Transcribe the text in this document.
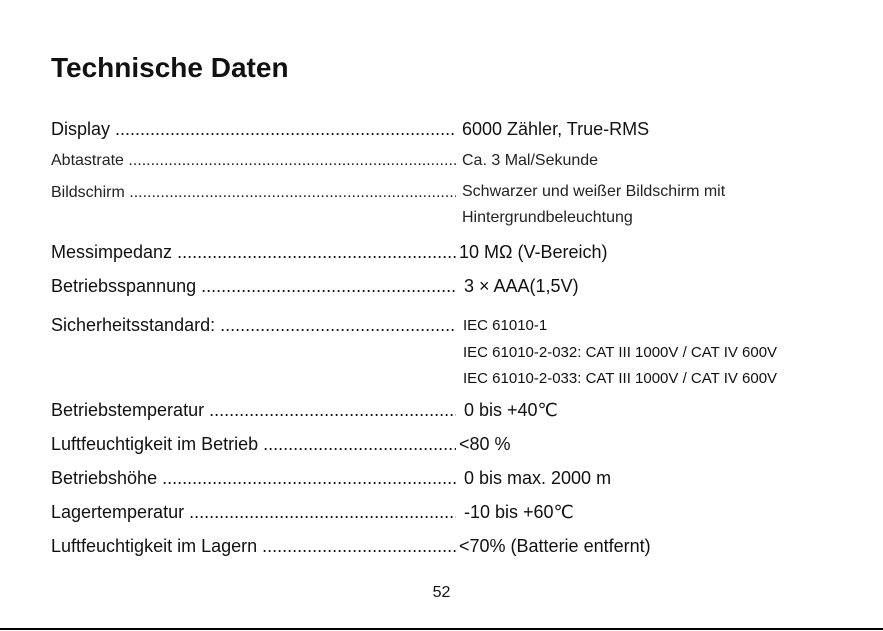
Technische Daten
Display .....	6000 Zähler, True-RMS
Abtastrate .....	Ca. 3 Mal/Sekunde
Bildschirm .....	Schwarzer und weißer Bildschirm mit
Hintergrundbeleuchtung
Messimpedanz .....	10 MΩ (V-Bereich)
Betriebsspannung .....	3 × AAA(1,5V)
Sicherheitsstandard: .....	IEC 61010-1
IEC 61010-2-032: CAT III 1000V / CAT IV 600V
IEC 61010-2-033: CAT III 1000V / CAT IV 600V
Betriebstemperatur .....	0 bis +40℃
Luftfeuchtigkeit im Betrieb .....	<80 %
Betriebshöhe .....	0 bis max. 2000 m
Lagertemperatur .....	-10 bis +60℃
Luftfeuchtigkeit im Lagern .....	<70% (Batterie entfernt)
52
